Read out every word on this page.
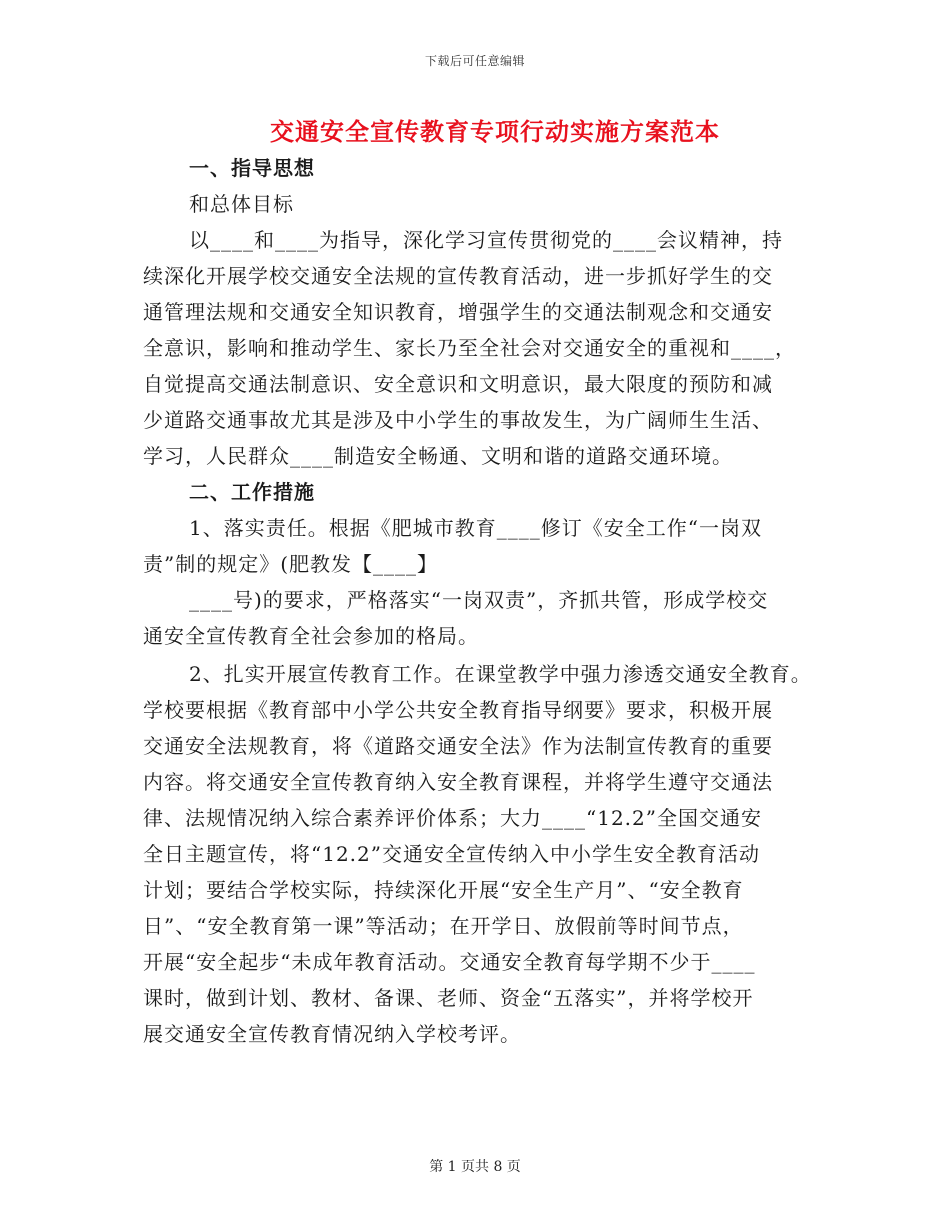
下载后可任意编辑
交通安全宣传教育专项行动实施方案范本
一、指导思想
和总体目标
以____和____为指导，深化学习宣传贯彻党的____会议精神，持
续深化开展学校交通安全法规的宣传教育活动，进一步抓好学生的交
通管理法规和交通安全知识教育，增强学生的交通法制观念和交通安
全意识，影响和推动学生、家长乃至全社会对交通安全的重视和____，
自觉提高交通法制意识、安全意识和文明意识，最大限度的预防和减
少道路交通事故尤其是涉及中小学生的事故发生，为广阔师生生活、
学习，人民群众____制造安全畅通、文明和谐的道路交通环境。
二、工作措施
1、落实责任。根据《肥城市教育____修订《安全工作“一岗双
责”制的规定》(肥教发【____】
____号)的要求，严格落实“一岗双责”，齐抓共管，形成学校交
通安全宣传教育全社会参加的格局。
2、扎实开展宣传教育工作。在课堂教学中强力渗透交通安全教育。
学校要根据《教育部中小学公共安全教育指导纲要》要求，积极开展
交通安全法规教育，将《道路交通安全法》作为法制宣传教育的重要
内容。将交通安全宣传教育纳入安全教育课程，并将学生遵守交通法
律、法规情况纳入综合素养评价体系；大力____“12.2”全国交通安
全日主题宣传，将“12.2”交通安全宣传纳入中小学生安全教育活动
计划；要结合学校实际，持续深化开展“安全生产月”、“安全教育
日”、“安全教育第一课”等活动；在开学日、放假前等时间节点，
开展“安全起步“未成年教育活动。交通安全教育每学期不少于____
课时，做到计划、教材、备课、老师、资金“五落实”，并将学校开
展交通安全宣传教育情况纳入学校考评。
第 1 页共 8 页
